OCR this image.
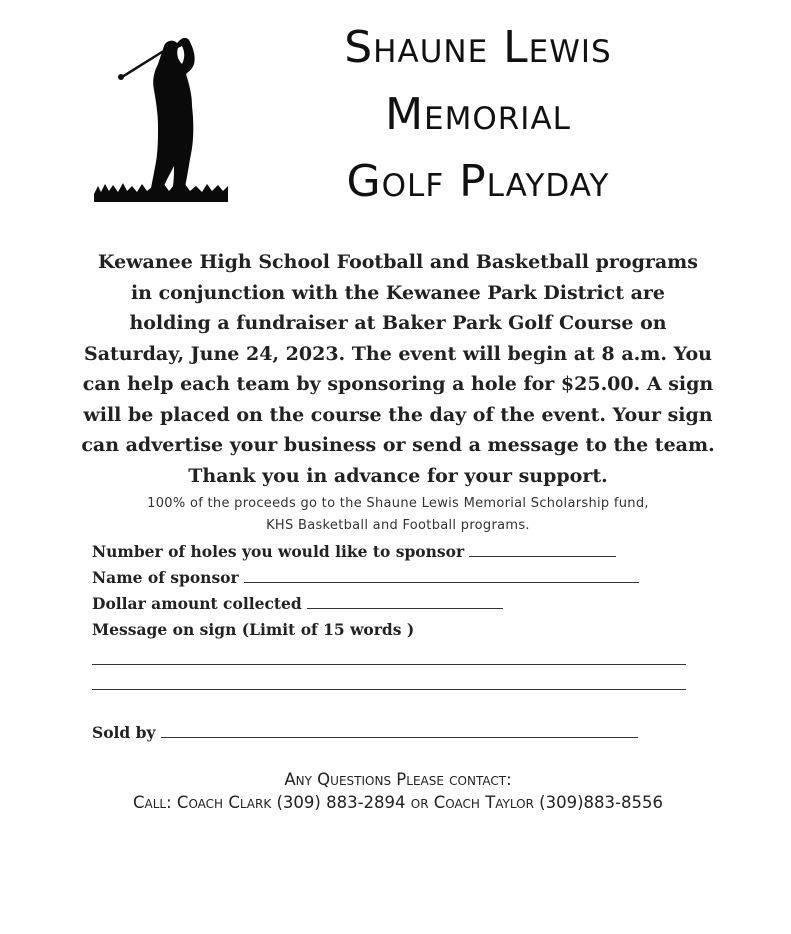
Shaune Lewis
Memorial
Golf Playday
Kewanee High School Football and Basketball programs
in conjunction with the Kewanee Park District are
holding a fundraiser at Baker Park Golf Course on
Saturday, June 24, 2023. The event will begin at 8 a.m. You
can help each team by sponsoring a hole for $25.00. A sign
will be placed on the course the day of the event. Your sign
can advertise your business or send a message to the team.
Thank you in advance for your support.
100% of the proceeds go to the Shaune Lewis Memorial Scholarship fund,
KHS Basketball and Football programs.
Number of holes you would like to sponsor
Name of sponsor
Dollar amount collected
Message on sign (Limit of 15 words )
Sold by
Any Questions Please contact:
Call: Coach Clark (309) 883-2894 or Coach Taylor (309)883-8556
